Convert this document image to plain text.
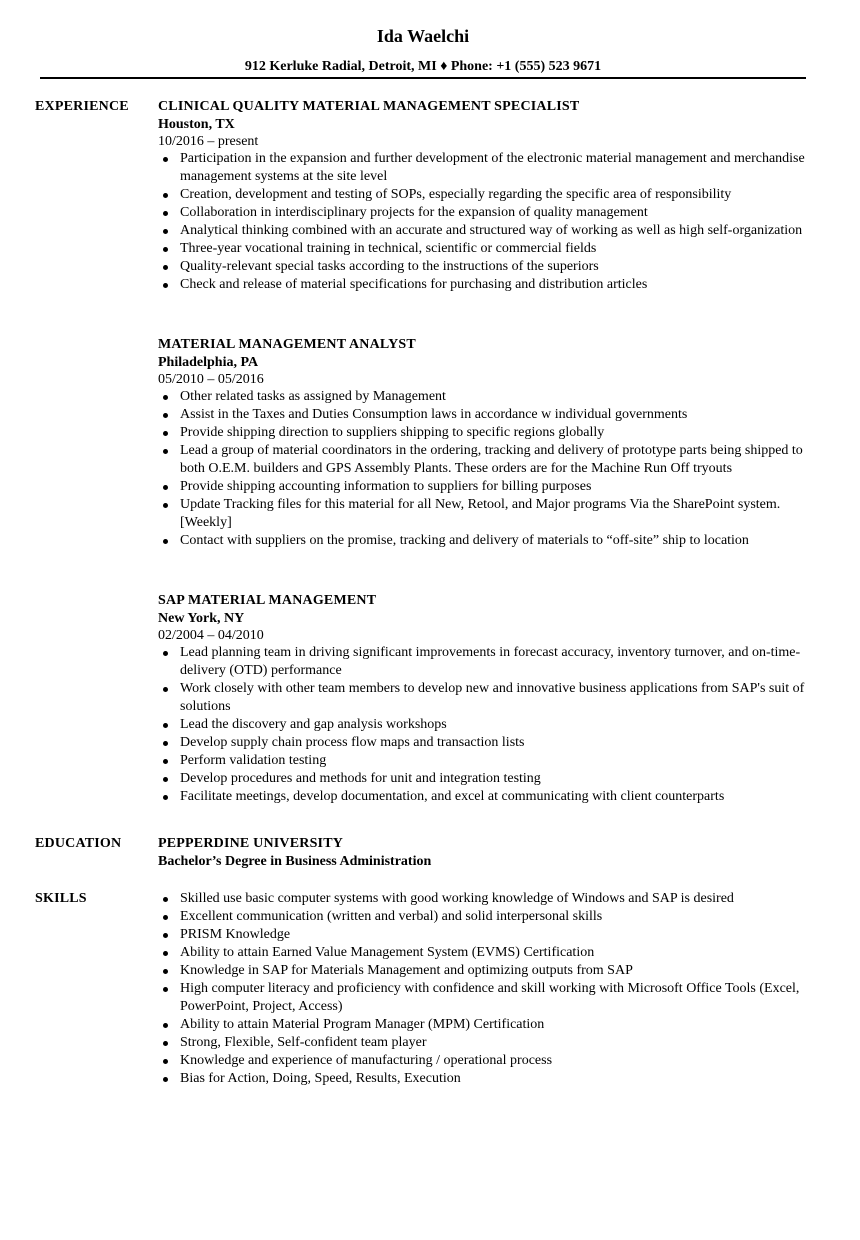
Ida Waelchi
912 Kerluke Radial, Detroit, MI ♦ Phone: +1 (555) 523 9671
EXPERIENCE CLINICAL QUALITY MATERIAL MANAGEMENT SPECIALIST
Houston, TX
10/2016 – present
Participation in the expansion and further development of the electronic material management and merchandise management systems at the site level
Creation, development and testing of SOPs, especially regarding the specific area of responsibility
Collaboration in interdisciplinary projects for the expansion of quality management
Analytical thinking combined with an accurate and structured way of working as well as high self-organization
Three-year vocational training in technical, scientific or commercial fields
Quality-relevant special tasks according to the instructions of the superiors
Check and release of material specifications for purchasing and distribution articles
MATERIAL MANAGEMENT ANALYST
Philadelphia, PA
05/2010 – 05/2016
Other related tasks as assigned by Management
Assist in the Taxes and Duties Consumption laws in accordance w individual governments
Provide shipping direction to suppliers shipping to specific regions globally
Lead a group of material coordinators in the ordering, tracking and delivery of prototype parts being shipped to both O.E.M. builders and GPS Assembly Plants. These orders are for the Machine Run Off tryouts
Provide shipping accounting information to suppliers for billing purposes
Update Tracking files for this material for all New, Retool, and Major programs Via the SharePoint system. [Weekly]
Contact with suppliers on the promise, tracking and delivery of materials to “off-site” ship to location
SAP MATERIAL MANAGEMENT
New York, NY
02/2004 – 04/2010
Lead planning team in driving significant improvements in forecast accuracy, inventory turnover, and on-time-delivery (OTD) performance
Work closely with other team members to develop new and innovative business applications from SAP's suit of solutions
Lead the discovery and gap analysis workshops
Develop supply chain process flow maps and transaction lists
Perform validation testing
Develop procedures and methods for unit and integration testing
Facilitate meetings, develop documentation, and excel at communicating with client counterparts
EDUCATION	PEPPERDINE UNIVERSITY
Bachelor’s Degree in Business Administration
SKILLS	Skilled use basic computer systems with good working knowledge of Windows and SAP is desired
Excellent communication (written and verbal) and solid interpersonal skills
PRISM Knowledge
Ability to attain Earned Value Management System (EVMS) Certification
Knowledge in SAP for Materials Management and optimizing outputs from SAP
High computer literacy and proficiency with confidence and skill working with Microsoft Office Tools (Excel, PowerPoint, Project, Access)
Ability to attain Material Program Manager (MPM) Certification
Strong, Flexible, Self-confident team player
Knowledge and experience of manufacturing / operational process
Bias for Action, Doing, Speed, Results, Execution
